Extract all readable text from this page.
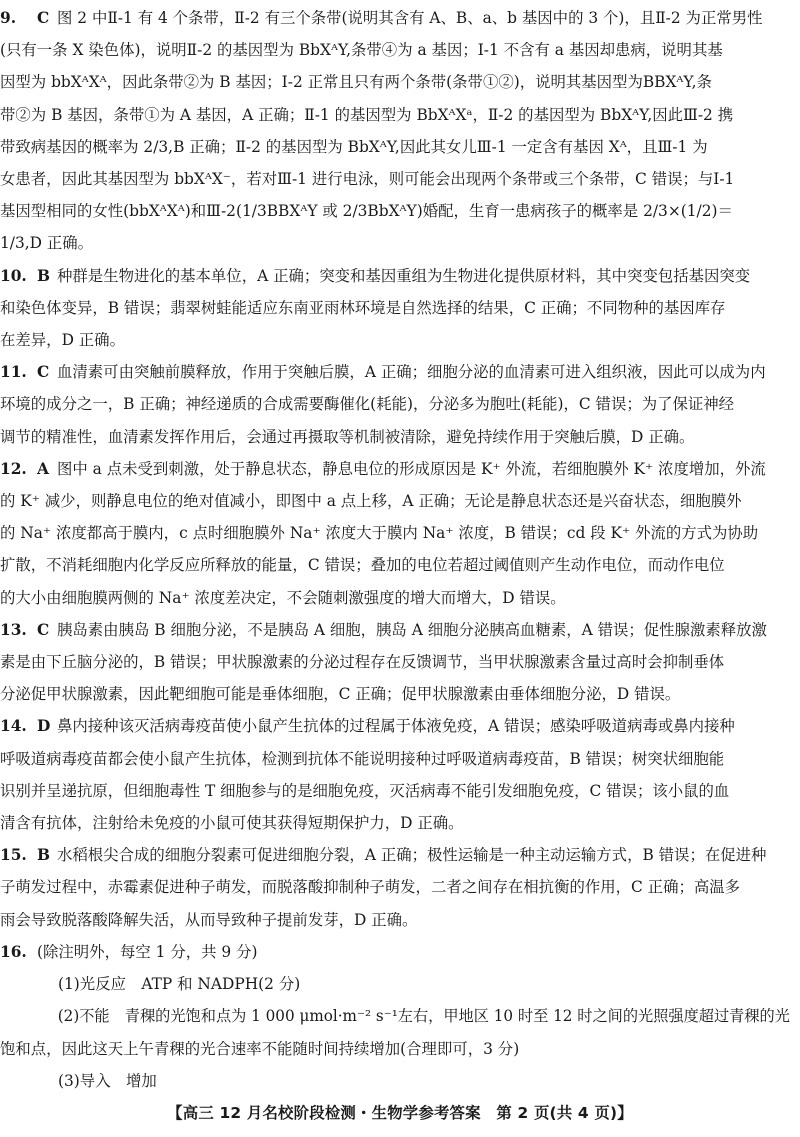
9.	C 图 2 中Ⅱ-1 有 4 个条带，Ⅱ-2 有三个条带(说明其含有 A、B、a、b 基因中的 3 个)，且Ⅱ-2 为正常男性
(只有一条 X 染色体)，说明Ⅱ-2 的基因型为 BbXᴬY,条带④为 a 基因；Ⅰ-1 不含有 a 基因却患病，说明其基
因型为 bbXᴬXᴬ，因此条带②为 B 基因；Ⅰ-2 正常且只有两个条带(条带①②)，说明其基因型为BBXᴬY,条
带②为 B 基因，条带①为 A 基因，A 正确；Ⅱ-1 的基因型为 BbXᴬXᵃ，Ⅱ-2 的基因型为 BbXᴬY,因此Ⅲ-2 携
带致病基因的概率为 2/3,B 正确；Ⅱ-2 的基因型为 BbXᴬY,因此其女儿Ⅲ-1 一定含有基因 Xᴬ，且Ⅲ-1 为
女患者，因此其基因型为 bbXᴬX⁻，若对Ⅲ-1 进行电泳，则可能会出现两个条带或三个条带，C 错误；与Ⅰ-1
基因型相同的女性(bbXᴬXᴬ)和Ⅲ-2(1/3BBXᴬY 或 2/3BbXᴬY)婚配，生育一患病孩子的概率是 2/3×(1/2)＝
1/3,D 正确。
10. B 种群是生物进化的基本单位，A 正确；突变和基因重组为生物进化提供原材料，其中突变包括基因突变
和染色体变异，B 错误；翡翠树蛙能适应东南亚雨林环境是自然选择的结果，C 正确；不同物种的基因库存
在差异，D 正确。
11. C 血清素可由突触前膜释放，作用于突触后膜，A 正确；细胞分泌的血清素可进入组织液，因此可以成为内
环境的成分之一，B 正确；神经递质的合成需要酶催化(耗能)，分泌多为胞吐(耗能)，C 错误；为了保证神经
调节的精准性，血清素发挥作用后，会通过再摄取等机制被清除，避免持续作用于突触后膜，D 正确。
12. A 图中 a 点未受到刺激，处于静息状态，静息电位的形成原因是 K⁺ 外流，若细胞膜外 K⁺ 浓度增加，外流
的 K⁺ 减少，则静息电位的绝对值减小，即图中 a 点上移，A 正确；无论是静息状态还是兴奋状态，细胞膜外
的 Na⁺ 浓度都高于膜内，c 点时细胞膜外 Na⁺ 浓度大于膜内 Na⁺ 浓度，B 错误；cd 段 K⁺ 外流的方式为协助
扩散，不消耗细胞内化学反应所释放的能量，C 错误；叠加的电位若超过阈值则产生动作电位，而动作电位
的大小由细胞膜两侧的 Na⁺ 浓度差决定，不会随刺激强度的增大而增大，D 错误。
13. C 胰岛素由胰岛 B 细胞分泌，不是胰岛 A 细胞，胰岛 A 细胞分泌胰高血糖素，A 错误；促性腺激素释放激
素是由下丘脑分泌的，B 错误；甲状腺激素的分泌过程存在反馈调节，当甲状腺激素含量过高时会抑制垂体
分泌促甲状腺激素，因此靶细胞可能是垂体细胞，C 正确；促甲状腺激素由垂体细胞分泌，D 错误。
14. D 鼻内接种该灭活病毒疫苗使小鼠产生抗体的过程属于体液免疫，A 错误；感染呼吸道病毒或鼻内接种
呼吸道病毒疫苗都会使小鼠产生抗体，检测到抗体不能说明接种过呼吸道病毒疫苗，B 错误；树突状细胞能
识别并呈递抗原，但细胞毒性 T 细胞参与的是细胞免疫，灭活病毒不能引发细胞免疫，C 错误；该小鼠的血
清含有抗体，注射给未免疫的小鼠可使其获得短期保护力，D 正确。
15. B 水稻根尖合成的细胞分裂素可促进细胞分裂，A 正确；极性运输是一种主动运输方式，B 错误；在促进种
子萌发过程中，赤霉素促进种子萌发，而脱落酸抑制种子萌发，二者之间存在相抗衡的作用，C 正确；高温多
雨会导致脱落酸降解失活，从而导致种子提前发芽，D 正确。
16. (除注明外，每空 1 分，共 9 分)
(1)光反应　ATP 和 NADPH(2 分)
(2)不能　青稞的光饱和点为 1 000 μmol·m⁻² s⁻¹左右，甲地区 10 时至 12 时之间的光照强度超过青稞的光
饱和点，因此这天上午青稞的光合速率不能随时间持续增加(合理即可，3 分)
(3)导入　增加
【高三 12 月名校阶段检测・生物学参考答案　第 2 页(共 4 页)】
